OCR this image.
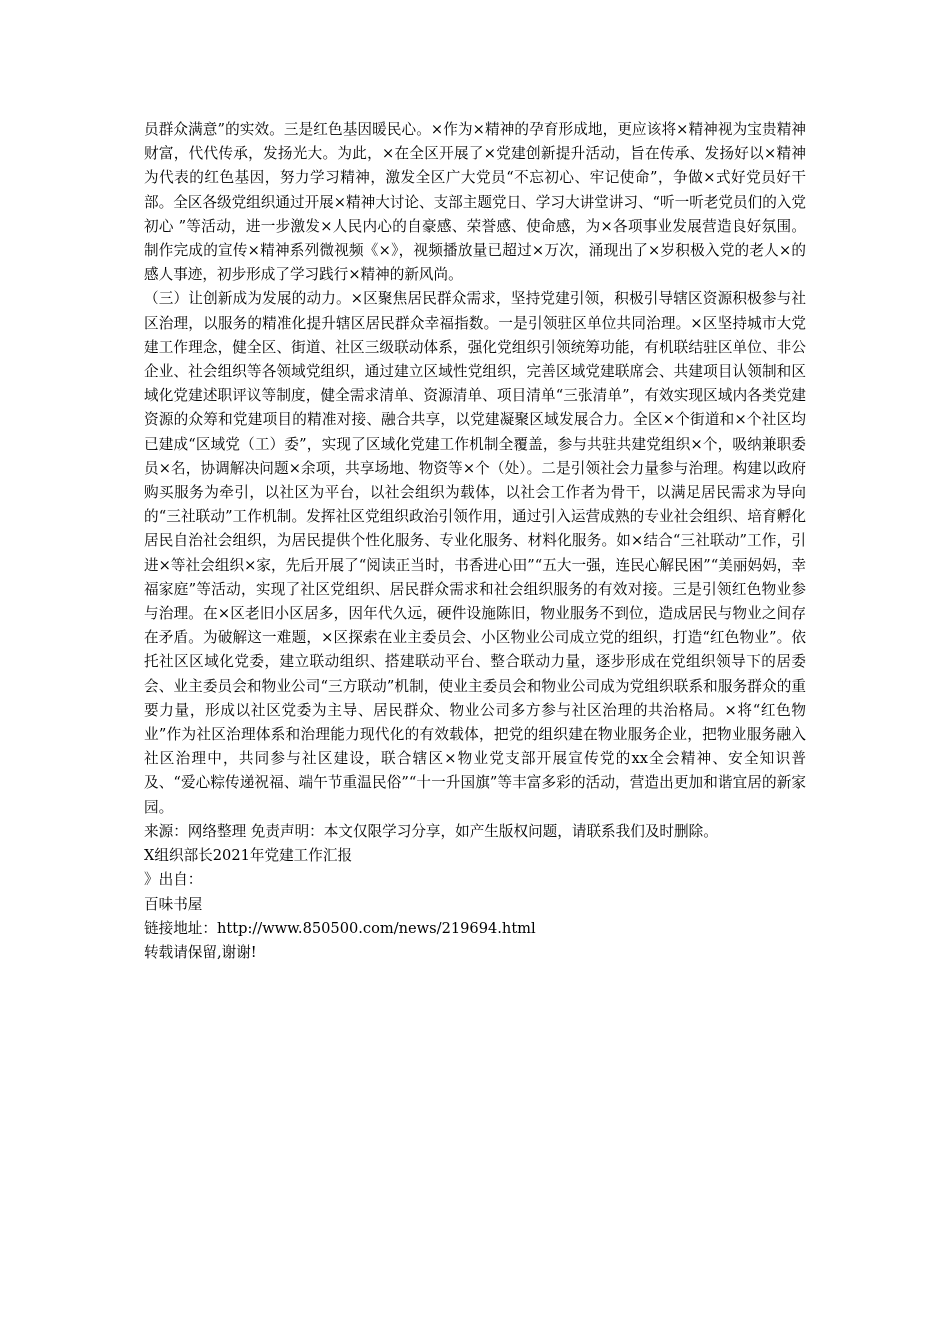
员群众满意”的实效。三是红色基因暖民心。×作为×精神的孕育形成地，更应该将×精神视为宝贵精神财富，代代传承，发扬光大。为此，×在全区开展了×党建创新提升活动，旨在传承、发扬好以×精神为代表的红色基因，努力学习精神，激发全区广大党员“不忘初心、牢记使命”，争做×式好党员好干部。全区各级党组织通过开展×精神大讨论、支部主题党日、学习大讲堂讲习、“听一听老党员们的入党初心 ”等活动，进一步激发×人民内心的自豪感、荣誉感、使命感，为×各项事业发展营造良好氛围。制作完成的宣传×精神系列微视频《×》，视频播放量已超过×万次，涌现出了×岁积极入党的老人×的感人事迹，初步形成了学习践行×精神的新风尚。

（三）让创新成为发展的动力。×区聚焦居民群众需求，坚持党建引领，积极引导辖区资源积极参与社区治理，以服务的精准化提升辖区居民群众幸福指数。一是引领驻区单位共同治理。×区坚持城市大党建工作理念，健全区、街道、社区三级联动体系，强化党组织引领统筹功能，有机联结驻区单位、非公企业、社会组织等各领域党组织，通过建立区域性党组织，完善区域党建联席会、共建项目认领制和区域化党建述职评议等制度，健全需求清单、资源清单、项目清单“三张清单”，有效实现区域内各类党建资源的众筹和党建项目的精准对接、融合共享，以党建凝聚区域发展合力。全区×个街道和×个社区均已建成“区域党（工）委”，实现了区域化党建工作机制全覆盖，参与共驻共建党组织×个，吸纳兼职委员×名，协调解决问题×余项，共享场地、物资等×个（处）。二是引领社会力量参与治理。构建以政府购买服务为牵引，以社区为平台，以社会组织为载体，以社会工作者为骨干，以满足居民需求为导向的“三社联动”工作机制。发挥社区党组织政治引领作用，通过引入运营成熟的专业社会组织、培育孵化居民自治社会组织，为居民提供个性化服务、专业化服务、材料化服务。如×结合“三社联动”工作，引进×等社会组织×家，先后开展了“阅读正当时，书香进心田”“五大一强，连民心解民困”“美丽妈妈，幸福家庭”等活动，实现了社区党组织、居民群众需求和社会组织服务的有效对接。三是引领红色物业参与治理。在×区老旧小区居多，因年代久远，硬件设施陈旧，物业服务不到位，造成居民与物业之间存在矛盾。为破解这一难题，×区探索在业主委员会、小区物业公司成立党的组织，打造“红色物业”。依托社区区域化党委，建立联动组织、搭建联动平台、整合联动力量，逐步形成在党组织领导下的居委会、业主委员会和物业公司“三方联动”机制，使业主委员会和物业公司成为党组织联系和服务群众的重要力量，形成以社区党委为主导、居民群众、物业公司多方参与社区治理的共治格局。×将“红色物业”作为社区治理体系和治理能力现代化的有效载体，把党的组织建在物业服务企业，把物业服务融入社区治理中，共同参与社区建设，联合辖区×物业党支部开展宣传党的xx全会精神、安全知识普及、“爱心粽传递祝福、端午节重温民俗”“十一升国旗”等丰富多彩的活动，营造出更加和谐宜居的新家园。

来源：网络整理 免责声明：本文仅限学习分享，如产生版权问题，请联系我们及时删除。

X组织部长2021年党建工作汇报

》出自：

百味书屋

链接地址：http://www.850500.com/news/219694.html

转载请保留,谢谢!
